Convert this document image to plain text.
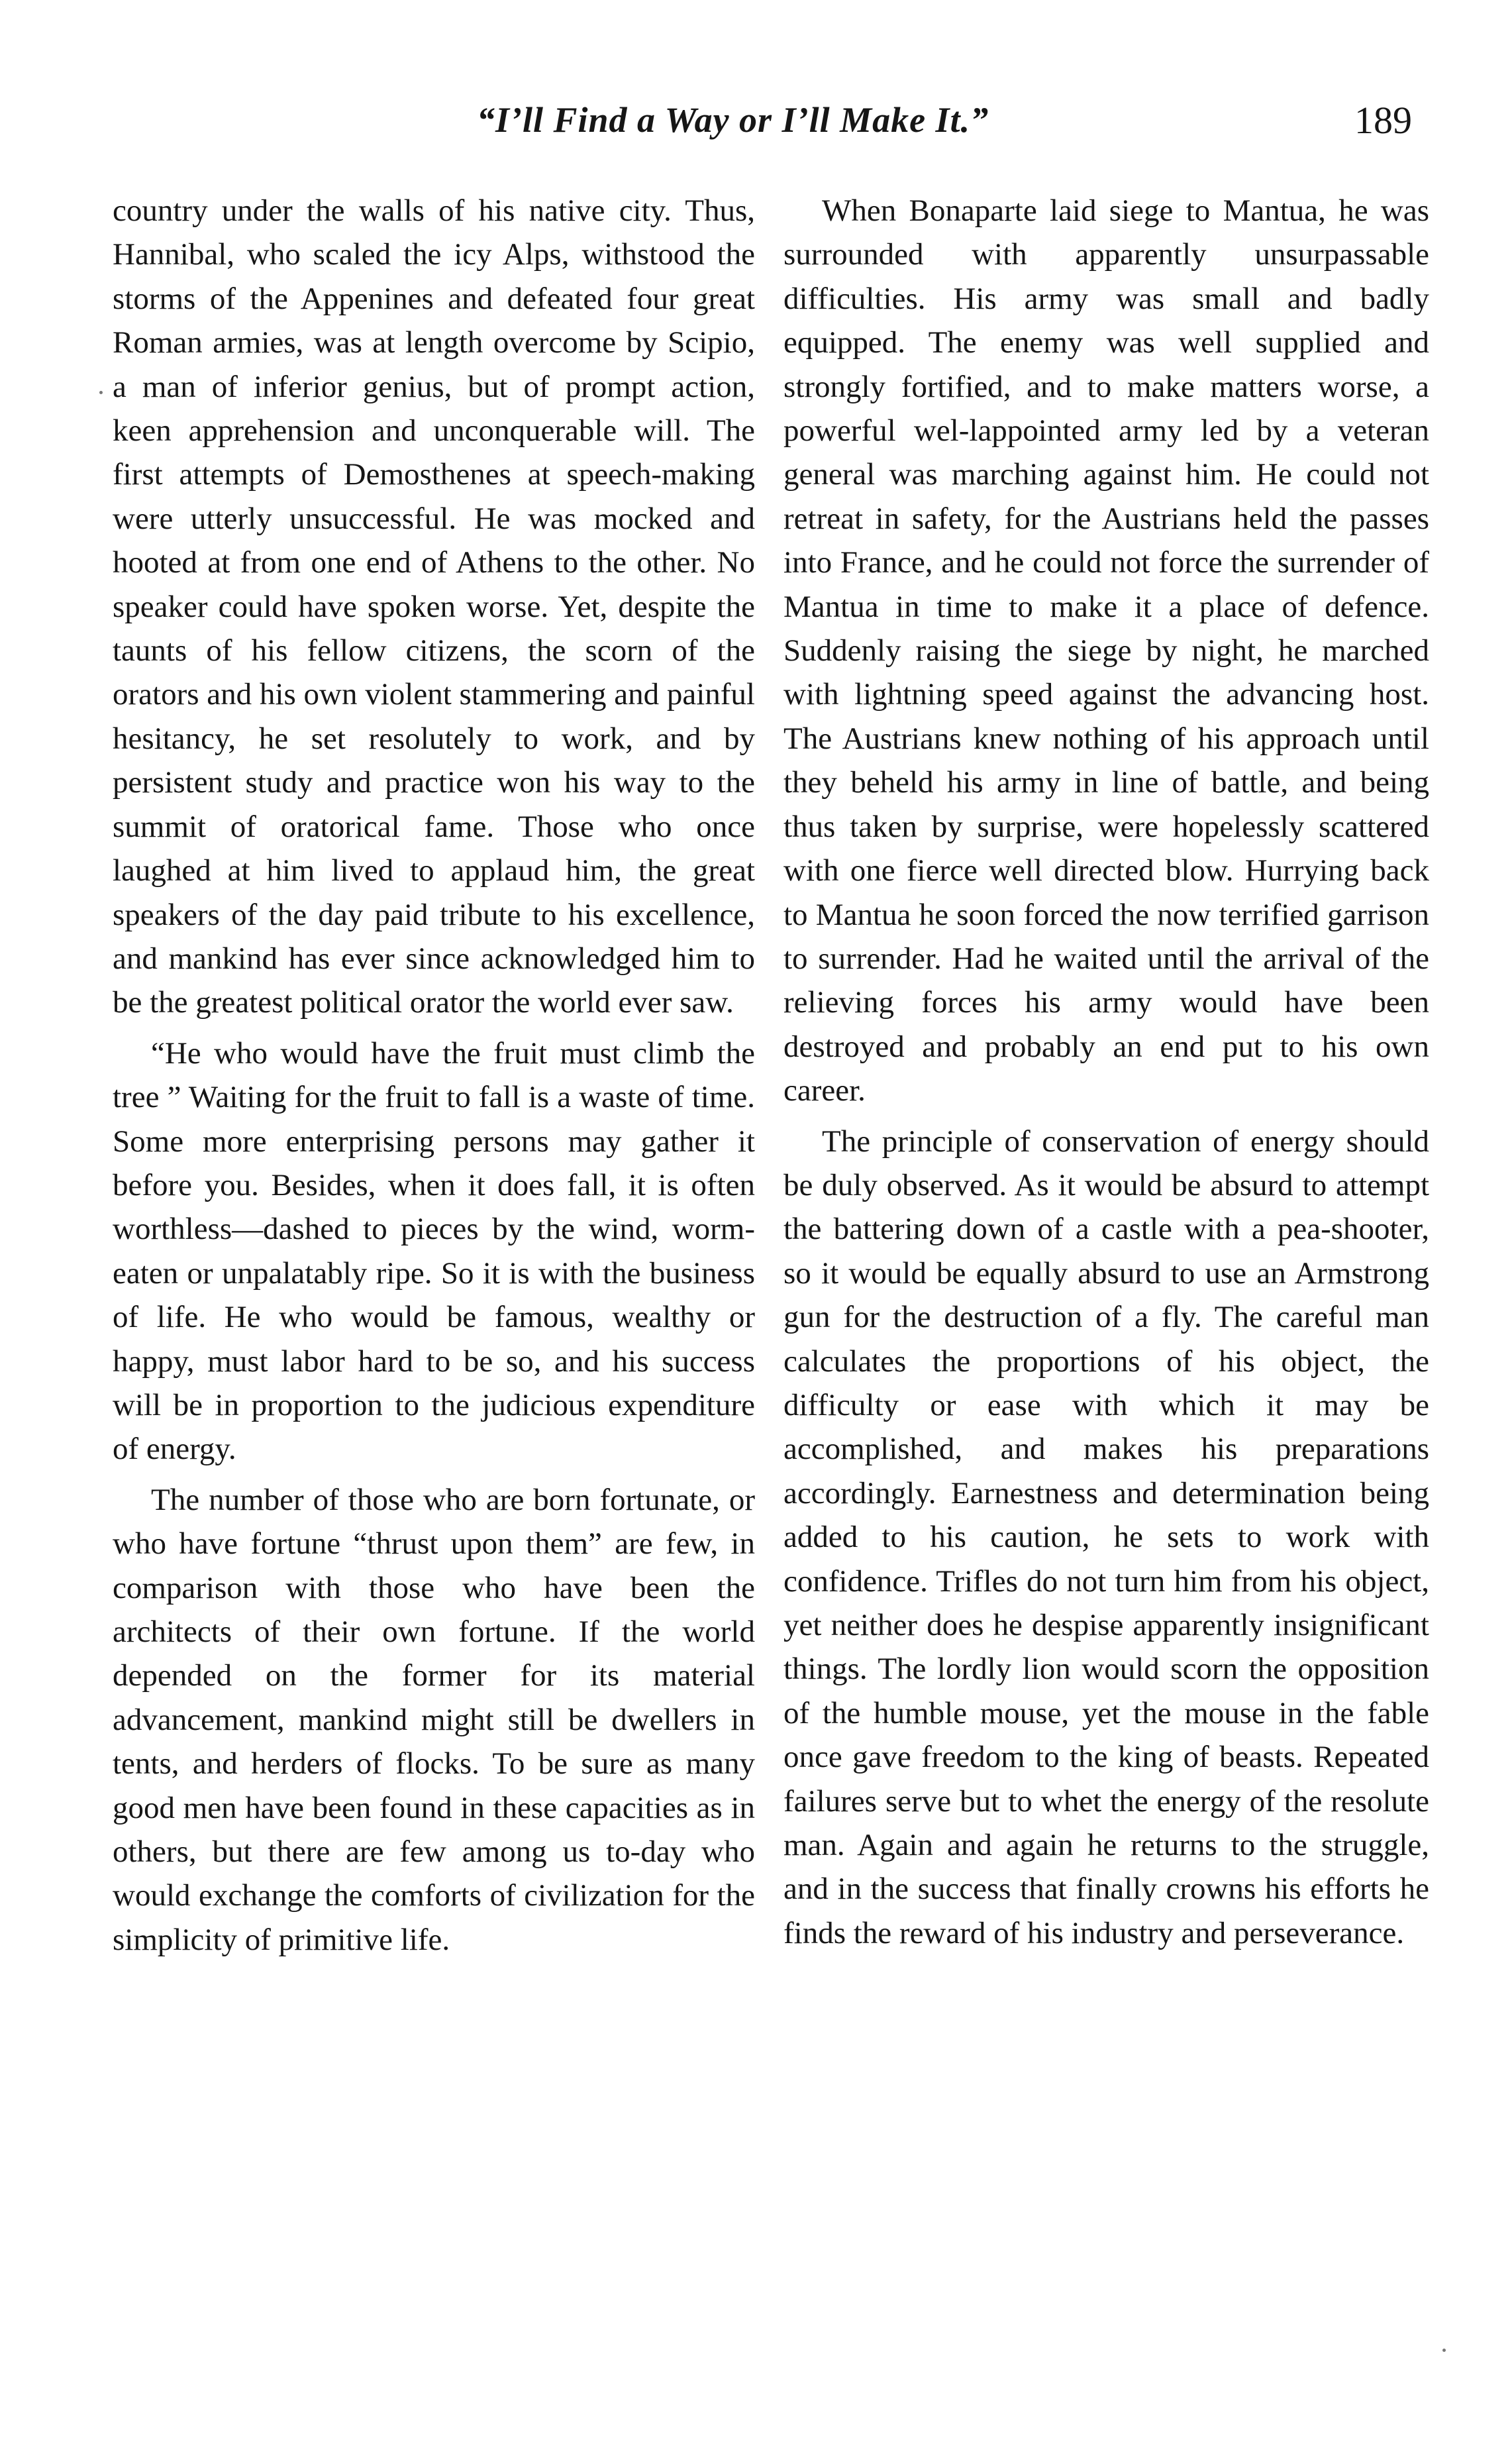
“I’ll Find a Way or I’ll Make It.”	189

country under the walls of his native city. Thus, Hannibal, who scaled the icy Alps, withstood the storms of the Appenines and defeated four great Roman armies, was at length overcome by Scipio, a man of inferior genius, but of prompt action, keen apprehension and unconquerable will. The first attempts of Demosthenes at speech-making were utterly unsuccessful. He was mocked and hooted at from one end of Athens to the other. No speaker could have spoken worse. Yet, despite the taunts of his fellow citizens, the scorn of the orators and his own violent stammering and painful hesitancy, he set resolutely to work, and by persistent study and practice won his way to the summit of oratorical fame. Those who once laughed at him lived to applaud him, the great speakers of the day paid tribute to his excellence, and mankind has ever since acknowledged him to be the greatest political orator the world ever saw.

“He who would have the fruit must climb the tree ” Waiting for the fruit to fall is a waste of time. Some more enterprising persons may gather it before you. Besides, when it does fall, it is often worthless—dashed to pieces by the wind, worm-eaten or unpalatably ripe. So it is with the business of life. He who would be famous, wealthy or happy, must labor hard to be so, and his success will be in proportion to the judicious expenditure of energy.

The number of those who are born fortunate, or who have fortune “thrust upon them” are few, in comparison with those who have been the architects of their own fortune. If the world depended on the former for its material advancement, mankind might still be dwellers in tents, and herders of flocks. To be sure as many good men have been found in these capacities as in others, but there are few among us to-day who would exchange the comforts of civilization for the simplicity of primitive life.

When Bonaparte laid siege to Mantua, he was surrounded with apparently unsurpassable difficulties. His army was small and badly equipped. The enemy was well supplied and strongly fortified, and to make matters worse, a powerful wel-lappointed army led by a veteran general was marching against him. He could not retreat in safety, for the Austrians held the passes into France, and he could not force the surrender of Mantua in time to make it a place of defence. Suddenly raising the siege by night, he marched with lightning speed against the advancing host. The Austrians knew nothing of his approach until they beheld his army in line of battle, and being thus taken by surprise, were hopelessly scattered with one fierce well directed blow. Hurrying back to Mantua he soon forced the now terrified garrison to surrender. Had he waited until the arrival of the relieving forces his army would have been destroyed and probably an end put to his own career.

The principle of conservation of energy should be duly observed. As it would be absurd to attempt the battering down of a castle with a pea-shooter, so it would be equally absurd to use an Armstrong gun for the destruction of a fly. The careful man calculates the proportions of his object, the difficulty or ease with which it may be accomplished, and makes his preparations accordingly. Earnestness and determination being added to his caution, he sets to work with confidence. Trifles do not turn him from his object, yet neither does he despise apparently insignificant things. The lordly lion would scorn the opposition of the humble mouse, yet the mouse in the fable once gave freedom to the king of beasts. Repeated failures serve but to whet the energy of the resolute man. Again and again he returns to the struggle, and in the success that finally crowns his efforts he finds the reward of his industry and perseverance.
